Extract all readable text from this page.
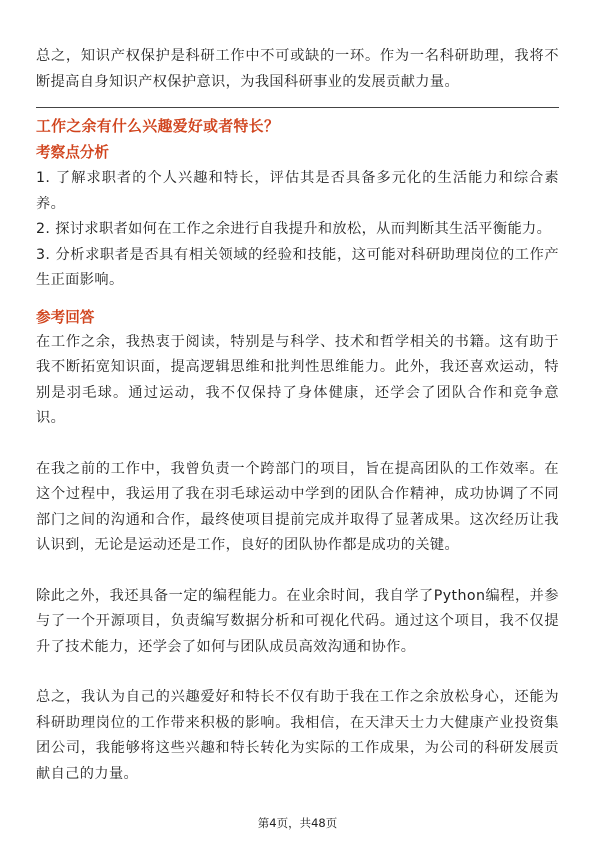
总之，知识产权保护是科研工作中不可或缺的一环。作为一名科研助理，我将不断提高自身知识产权保护意识，为我国科研事业的发展贡献力量。

工作之余有什么兴趣爱好或者特长？
考察点分析
1. 了解求职者的个人兴趣和特长，评估其是否具备多元化的生活能力和综合素养。
2. 探讨求职者如何在工作之余进行自我提升和放松，从而判断其生活平衡能力。
3. 分析求职者是否具有相关领域的经验和技能，这可能对科研助理岗位的工作产生正面影响。
参考回答

在工作之余，我热衷于阅读，特别是与科学、技术和哲学相关的书籍。这有助于我不断拓宽知识面，提高逻辑思维和批判性思维能力。此外，我还喜欢运动，特别是羽毛球。通过运动，我不仅保持了身体健康，还学会了团队合作和竞争意识。

在我之前的工作中，我曾负责一个跨部门的项目，旨在提高团队的工作效率。在这个过程中，我运用了我在羽毛球运动中学到的团队合作精神，成功协调了不同部门之间的沟通和合作，最终使项目提前完成并取得了显著成果。这次经历让我认识到，无论是运动还是工作，良好的团队协作都是成功的关键。

除此之外，我还具备一定的编程能力。在业余时间，我自学了Python编程，并参与了一个开源项目，负责编写数据分析和可视化代码。通过这个项目，我不仅提升了技术能力，还学会了如何与团队成员高效沟通和协作。

总之，我认为自己的兴趣爱好和特长不仅有助于我在工作之余放松身心，还能为科研助理岗位的工作带来积极的影响。我相信，在天津天士力大健康产业投资集团公司，我能够将这些兴趣和特长转化为实际的工作成果，为公司的科研发展贡献自己的力量。

第4页，共48页
